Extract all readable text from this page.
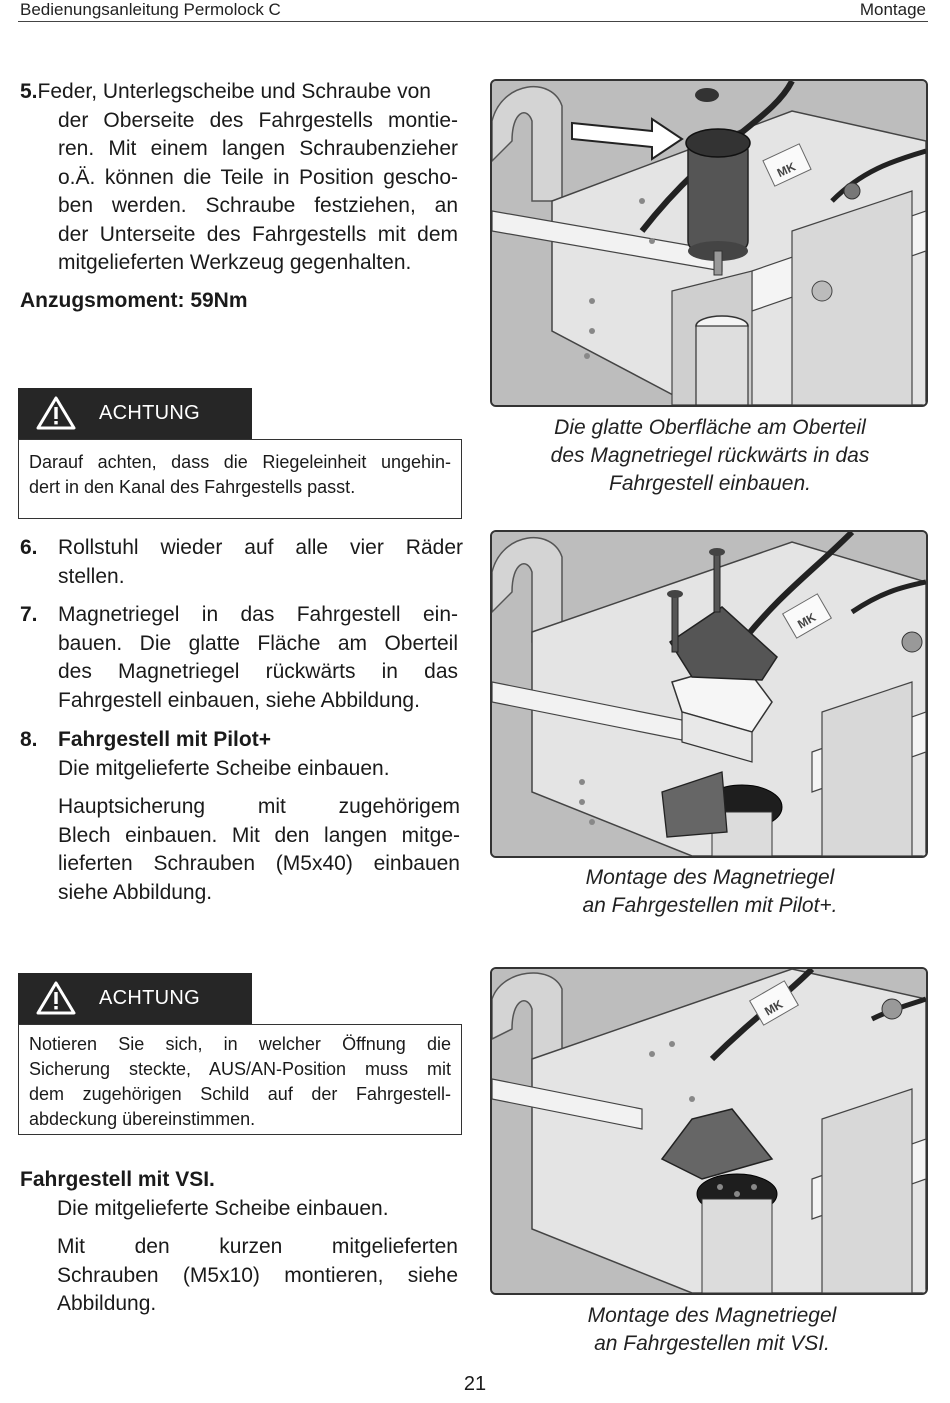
Bedienungsanleitung Permolock C	Montage
5.Feder, Unterlegscheibe und Schraube von
der Oberseite des Fahrgestells montie-
ren. Mit einem langen Schraubenzieher
o.Ä. können die Teile in Position gescho-
ben werden. Schraube festziehen, an
der Unterseite des Fahrgestells mit dem
mitgelieferten Werkzeug gegenhalten.
Anzugsmoment: 59Nm
ACHTUNG
Darauf achten, dass die Riegeleinheit ungehin-
dert in den Kanal des Fahrgestells passt.
MK
Die glatte Oberfläche am Oberteil
des Magnetriegel rückwärts in das
Fahrgestell einbauen.
6. Rollstuhl wieder auf alle vier Räder
stellen.
7. Magnetriegel in das Fahrgestell ein-
bauen. Die glatte Fläche am Oberteil
des Magnetriegel rückwärts in das
Fahrgestell einbauen, siehe Abbildung.
8. Fahrgestell mit Pilot+
Die mitgelieferte Scheibe einbauen.
Hauptsicherung mit zugehörigem
Blech einbauen. Mit den langen mitge-
lieferten Schrauben (M5x40) einbauen
siehe Abbildung.
MK
Montage des Magnetriegel
an Fahrgestellen mit Pilot+.
ACHTUNG
Notieren Sie sich, in welcher Öffnung die
Sicherung steckte, AUS/AN-Position muss mit
dem zugehörigen Schild auf der Fahrgestell-
abdeckung übereinstimmen.
Fahrgestell mit VSI.
Die mitgelieferte Scheibe einbauen.
Mit den kurzen mitgelieferten
Schrauben (M5x10) montieren, siehe
Abbildung.
MK
Montage des Magnetriegel
an Fahrgestellen mit VSI.
21
